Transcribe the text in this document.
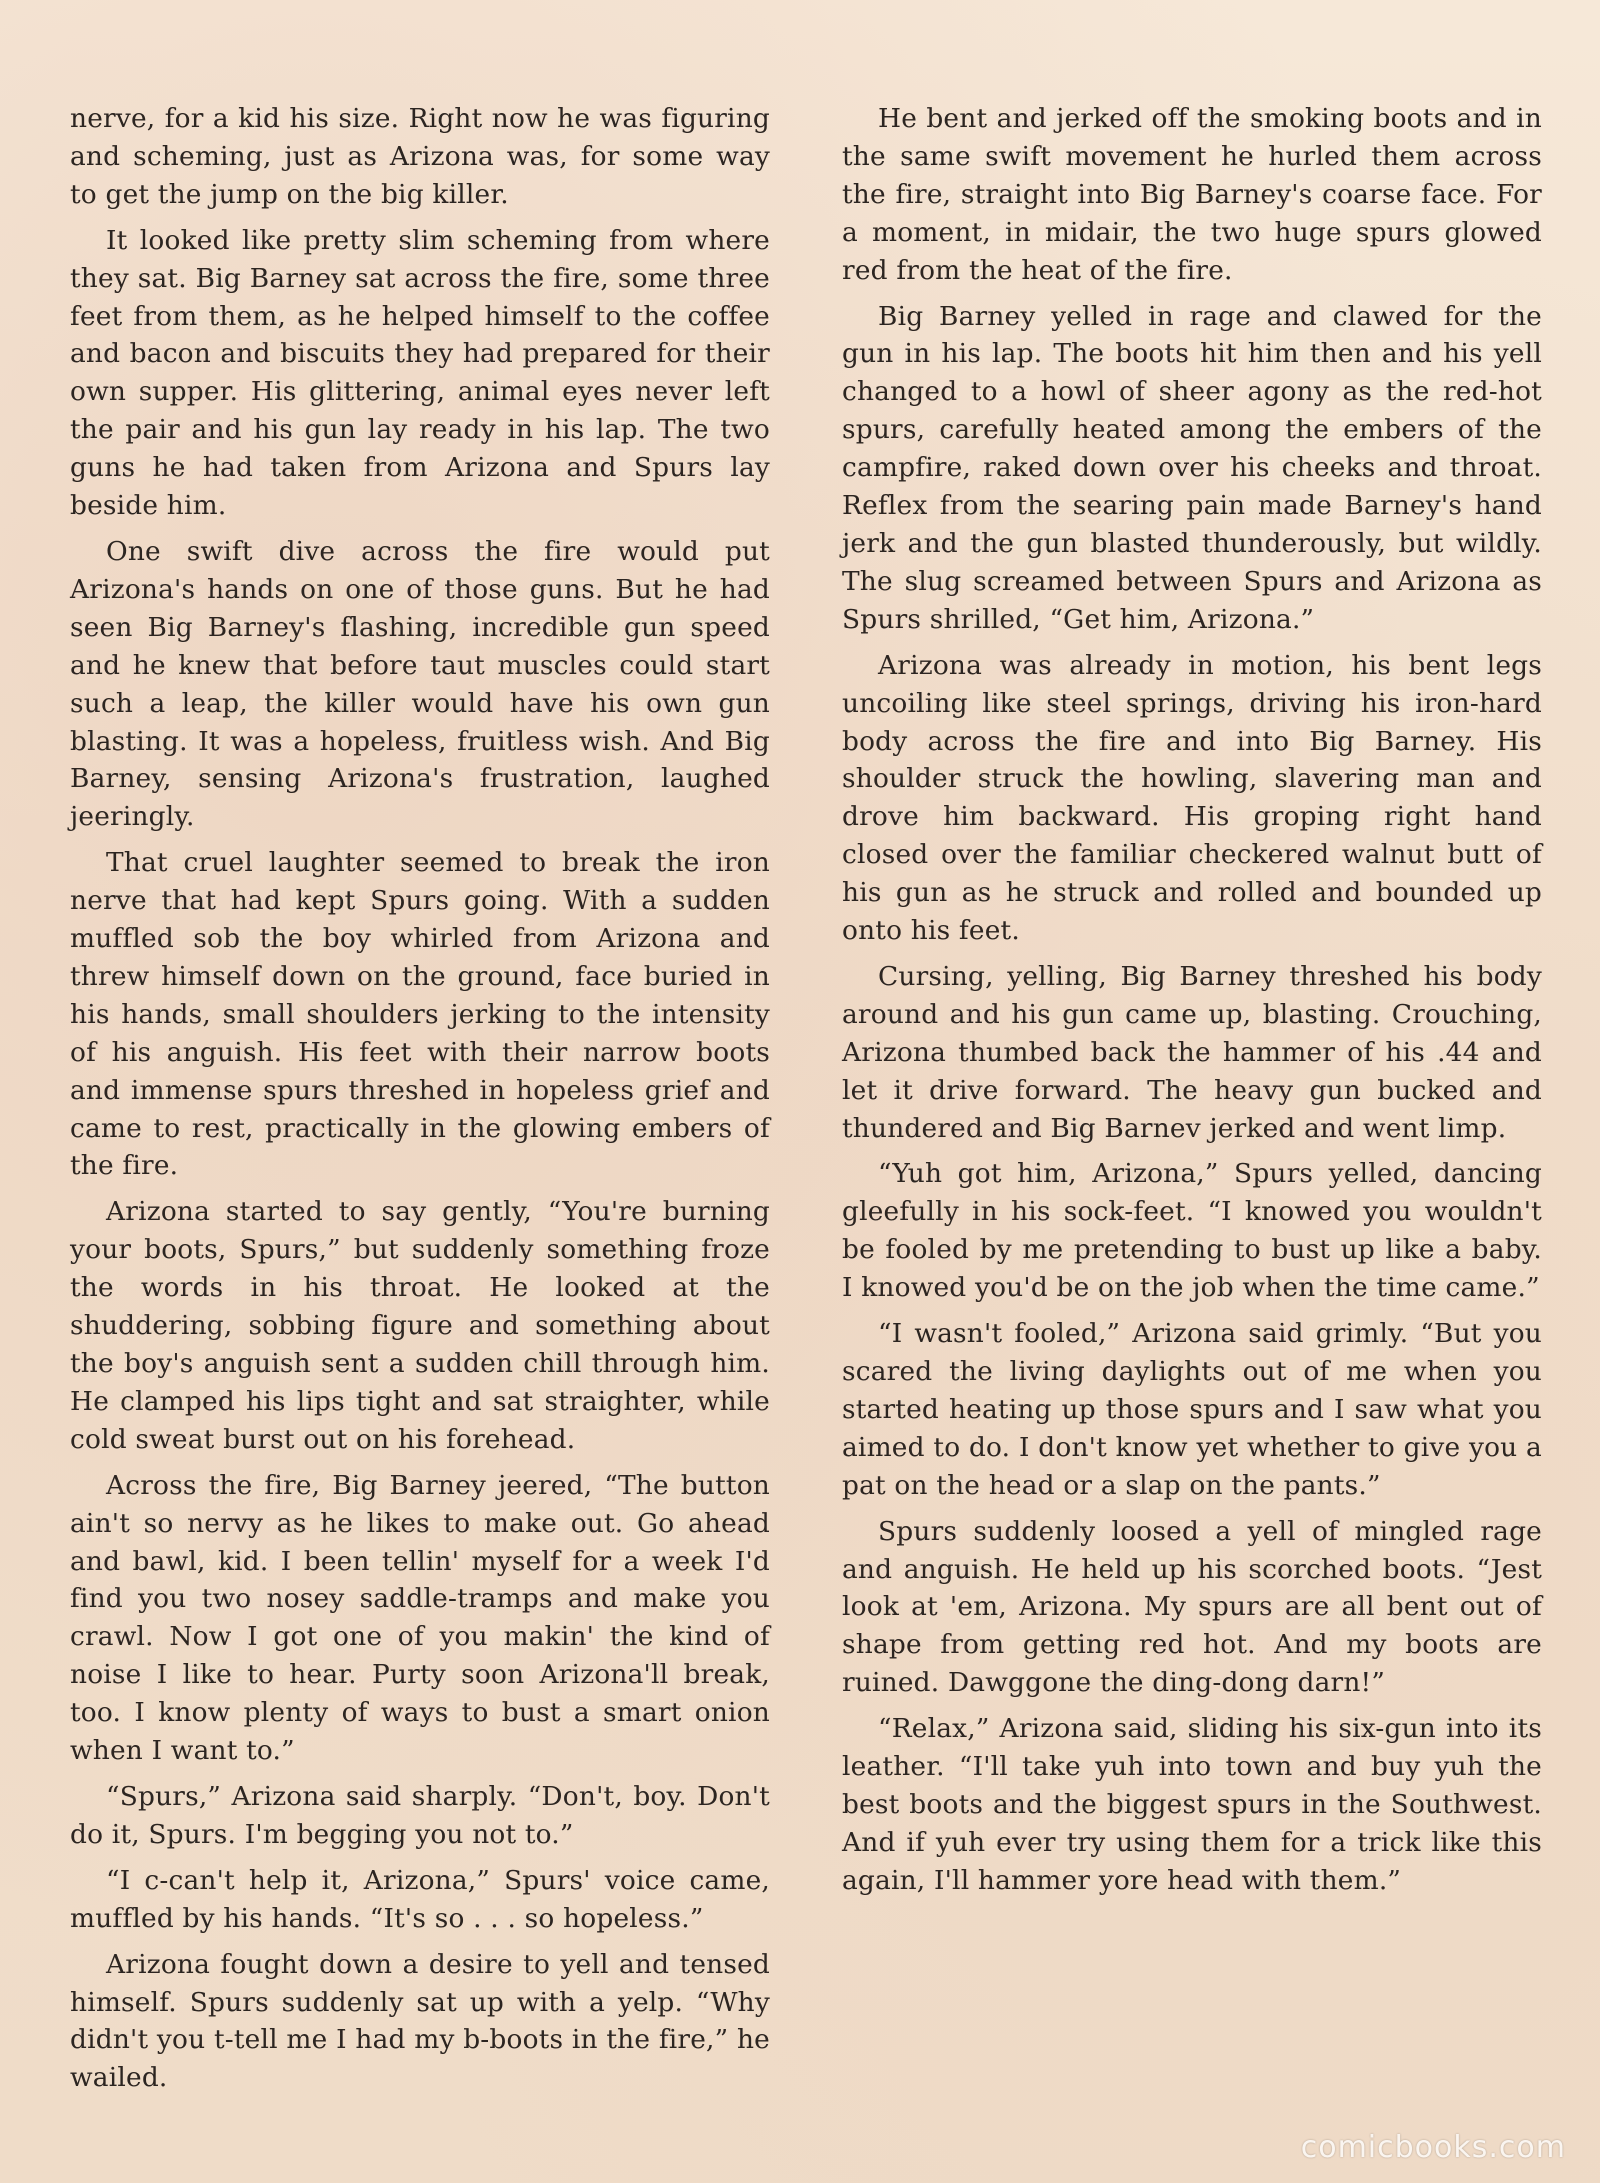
nerve, for a kid his size. Right now he was figuring and scheming, just as Arizona was, for some way to get the jump on the big killer.

It looked like pretty slim scheming from where they sat. Big Barney sat across the fire, some three feet from them, as he helped himself to the coffee and bacon and biscuits they had prepared for their own supper. His glittering, animal eyes never left the pair and his gun lay ready in his lap. The two guns he had taken from Arizona and Spurs lay beside him.

One swift dive across the fire would put Arizona's hands on one of those guns. But he had seen Big Barney's flashing, incredible gun speed and he knew that before taut muscles could start such a leap, the killer would have his own gun blasting. It was a hopeless, fruitless wish. And Big Barney, sensing Arizona's frustration, laughed jeeringly.

That cruel laughter seemed to break the iron nerve that had kept Spurs going. With a sudden muffled sob the boy whirled from Arizona and threw himself down on the ground, face buried in his hands, small shoulders jerking to the intensity of his anguish. His feet with their narrow boots and immense spurs threshed in hopeless grief and came to rest, practically in the glowing embers of the fire.

Arizona started to say gently, “You're burning your boots, Spurs,” but suddenly something froze the words in his throat. He looked at the shuddering, sobbing figure and something about the boy's anguish sent a sudden chill through him. He clamped his lips tight and sat straighter, while cold sweat burst out on his forehead.

Across the fire, Big Barney jeered, “The button ain't so nervy as he likes to make out. Go ahead and bawl, kid. I been tellin' myself for a week I'd find you two nosey saddle-tramps and make you crawl. Now I got one of you makin' the kind of noise I like to hear. Purty soon Arizona'll break, too. I know plenty of ways to bust a smart onion when I want to.”

“Spurs,” Arizona said sharply. “Don't, boy. Don't do it, Spurs. I'm begging you not to.”

“I c-can't help it, Arizona,” Spurs' voice came, muffled by his hands. “It's so . . . so hopeless.”

Arizona fought down a desire to yell and tensed himself. Spurs suddenly sat up with a yelp. “Why didn't you t-tell me I had my b-boots in the fire,” he wailed.

He bent and jerked off the smoking boots and in the same swift movement he hurled them across the fire, straight into Big Barney's coarse face. For a moment, in midair, the two huge spurs glowed red from the heat of the fire.

Big Barney yelled in rage and clawed for the gun in his lap. The boots hit him then and his yell changed to a howl of sheer agony as the red-hot spurs, carefully heated among the embers of the campfire, raked down over his cheeks and throat. Reflex from the searing pain made Barney's hand jerk and the gun blasted thunderously, but wildly. The slug screamed between Spurs and Arizona as Spurs shrilled, “Get him, Arizona.”

Arizona was already in motion, his bent legs uncoiling like steel springs, driving his iron-hard body across the fire and into Big Barney. His shoulder struck the howling, slavering man and drove him backward. His groping right hand closed over the familiar checkered walnut butt of his gun as he struck and rolled and bounded up onto his feet.

Cursing, yelling, Big Barney threshed his body around and his gun came up, blasting. Crouching, Arizona thumbed back the hammer of his .44 and let it drive forward. The heavy gun bucked and thundered and Big Barnev jerked and went limp.

“Yuh got him, Arizona,” Spurs yelled, dancing gleefully in his sock-feet. “I knowed you wouldn't be fooled by me pretending to bust up like a baby. I knowed you'd be on the job when the time came.”

“I wasn't fooled,” Arizona said grimly. “But you scared the living daylights out of me when you started heating up those spurs and I saw what you aimed to do. I don't know yet whether to give you a pat on the head or a slap on the pants.”

Spurs suddenly loosed a yell of mingled rage and anguish. He held up his scorched boots. “Jest look at 'em, Arizona. My spurs are all bent out of shape from getting red hot. And my boots are ruined. Dawggone the ding-dong darn!”

“Relax,” Arizona said, sliding his six-gun into its leather. “I'll take yuh into town and buy yuh the best boots and the biggest spurs in the Southwest. And if yuh ever try using them for a trick like this again, I'll hammer yore head with them.”

comicbooks.com
